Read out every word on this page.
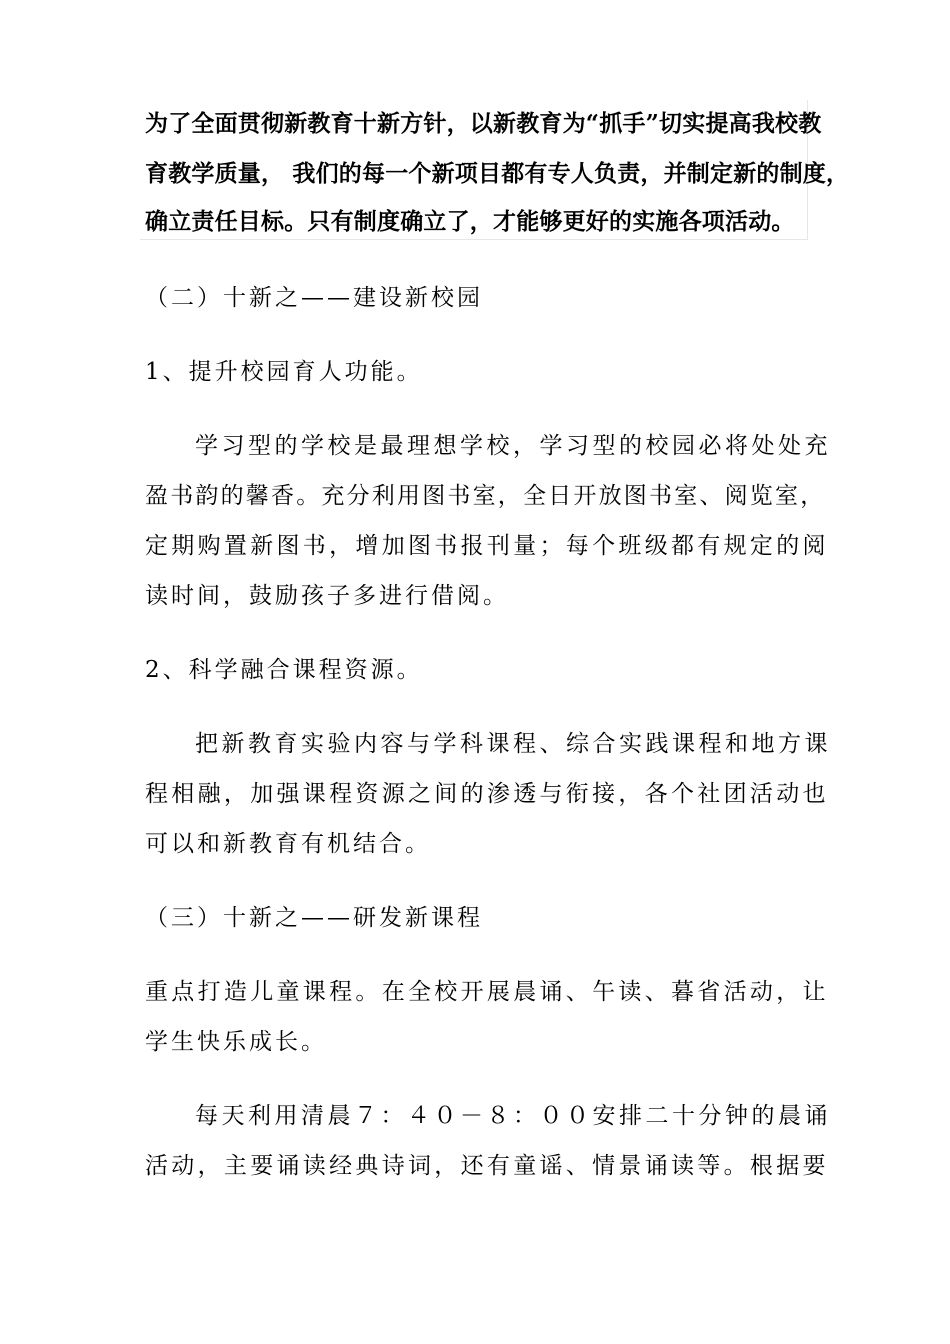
为了全面贯彻新教育十新方针，以新教育为“抓手”切实提高我校教
育教学质量， 我们的每一个新项目都有专人负责，并制定新的制度，
确立责任目标。只有制度确立了，才能够更好的实施各项活动。
（二）十新之——建设新校园
1、提升校园育人功能。
学习型的学校是最理想学校，学习型的校园必将处处充
盈书韵的馨香。充分利用图书室，全日开放图书室、阅览室，
定期购置新图书，增加图书报刊量；每个班级都有规定的阅
读时间，鼓励孩子多进行借阅。
2、科学融合课程资源。
把新教育实验内容与学科课程、综合实践课程和地方课
程相融，加强课程资源之间的渗透与衔接，各个社团活动也
可以和新教育有机结合。
（三）十新之——研发新课程
重点打造儿童课程。在全校开展晨诵、午读、暮省活动，让
学生快乐成长。
每天利用清晨７：４０－８：００安排二十分钟的晨诵
活动，主要诵读经典诗词，还有童谣、情景诵读等。根据要
